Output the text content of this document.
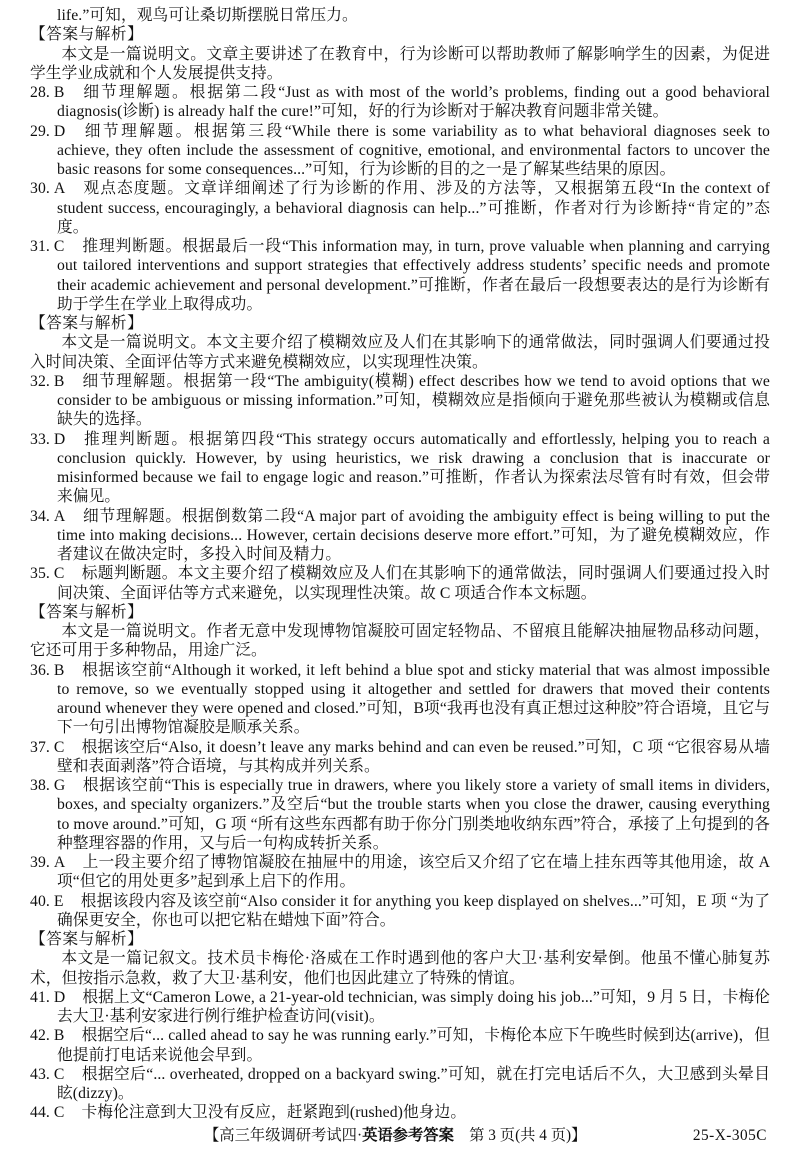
life.”可知，观鸟可让桑切斯摆脱日常压力。
【答案与解析】
本文是一篇说明文。文章主要讲述了在教育中，行为诊断可以帮助教师了解影响学生的因素，为促进学生学业成就和个人发展提供支持。
28. B 细节理解题。根据第二段“Just as with most of the world’s problems, finding out a good behavioral diagnosis(诊断) is already half the cure!”可知，好的行为诊断对于解决教育问题非常关键。
29. D 细节理解题。根据第三段“While there is some variability as to what behavioral diagnoses seek to achieve, they often include the assessment of cognitive, emotional, and environmental factors to uncover the basic reasons for some consequences...”可知，行为诊断的目的之一是了解某些结果的原因。
30. A 观点态度题。文章详细阐述了行为诊断的作用、涉及的方法等，又根据第五段“In the context of student success, encouragingly, a behavioral diagnosis can help...”可推断，作者对行为诊断持“肯定的”态度。
31. C 推理判断题。根据最后一段“This information may, in turn, prove valuable when planning and carrying out tailored interventions and support strategies that effectively address students’ specific needs and promote their academic achievement and personal development.”可推断，作者在最后一段想要表达的是行为诊断有助于学生在学业上取得成功。
【答案与解析】
本文是一篇说明文。本文主要介绍了模糊效应及人们在其影响下的通常做法，同时强调人们要通过投入时间决策、全面评估等方式来避免模糊效应，以实现理性决策。
32. B 细节理解题。根据第一段“The ambiguity(模糊) effect describes how we tend to avoid options that we consider to be ambiguous or missing information.”可知，模糊效应是指倾向于避免那些被认为模糊或信息缺失的选择。
33. D 推理判断题。根据第四段“This strategy occurs automatically and effortlessly, helping you to reach a conclusion quickly. However, by using heuristics, we risk drawing a conclusion that is inaccurate or misinformed because we fail to engage logic and reason.”可推断，作者认为探索法尽管有时有效，但会带来偏见。
34. A 细节理解题。根据倒数第二段“A major part of avoiding the ambiguity effect is being willing to put the time into making decisions... However, certain decisions deserve more effort.”可知，为了避免模糊效应，作者建议在做决定时，多投入时间及精力。
35. C 标题判断题。本文主要介绍了模糊效应及人们在其影响下的通常做法，同时强调人们要通过投入时间决策、全面评估等方式来避免，以实现理性决策。故 C 项适合作本文标题。
【答案与解析】
本文是一篇说明文。作者无意中发现博物馆凝胶可固定轻物品、不留痕且能解决抽屉物品移动问题，它还可用于多种物品，用途广泛。
36. B 根据该空前“Although it worked, it left behind a blue spot and sticky material that was almost impossible to remove, so we eventually stopped using it altogether and settled for drawers that moved their contents around whenever they were opened and closed.”可知，B项“我再也没有真正想过这种胶”符合语境，且它与下一句引出博物馆凝胶是顺承关系。
37. C 根据该空后“Also, it doesn’t leave any marks behind and can even be reused.”可知，C 项 “它很容易从墙壁和表面剥落”符合语境，与其构成并列关系。
38. G 根据该空前“This is especially true in drawers, where you likely store a variety of small items in dividers, boxes, and specialty organizers.”及空后“but the trouble starts when you close the drawer, causing everything to move around.”可知，G 项 “所有这些东西都有助于你分门别类地收纳东西”符合，承接了上句提到的各种整理容器的作用，又与后一句构成转折关系。
39. A 上一段主要介绍了博物馆凝胶在抽屉中的用途，该空后又介绍了它在墙上挂东西等其他用途，故 A 项“但它的用处更多”起到承上启下的作用。
40. E 根据该段内容及该空前“Also consider it for anything you keep displayed on shelves...”可知，E 项 “为了确保更安全，你也可以把它粘在蜡烛下面”符合。
【答案与解析】
本文是一篇记叙文。技术员卡梅伦·洛威在工作时遇到他的客户大卫·基利安晕倒。他虽不懂心肺复苏术，但按指示急救，救了大卫·基利安，他们也因此建立了特殊的情谊。
41. D 根据上文“Cameron Lowe, a 21-year-old technician, was simply doing his job...”可知，9 月 5 日，卡梅伦去大卫·基利安家进行例行维护检查访问(visit)。
42. B 根据空后“... called ahead to say he was running early.”可知，卡梅伦本应下午晚些时候到达(arrive)，但他提前打电话来说他会早到。
43. C 根据空后“... overheated, dropped on a backyard swing.”可知，就在打完电话后不久，大卫感到头晕目眩(dizzy)。
44. C 卡梅伦注意到大卫没有反应，赶紧跑到(rushed)他身边。
【高三年级调研考试四·英语参考答案　第 3 页(共 4 页)】	25-X-305C
